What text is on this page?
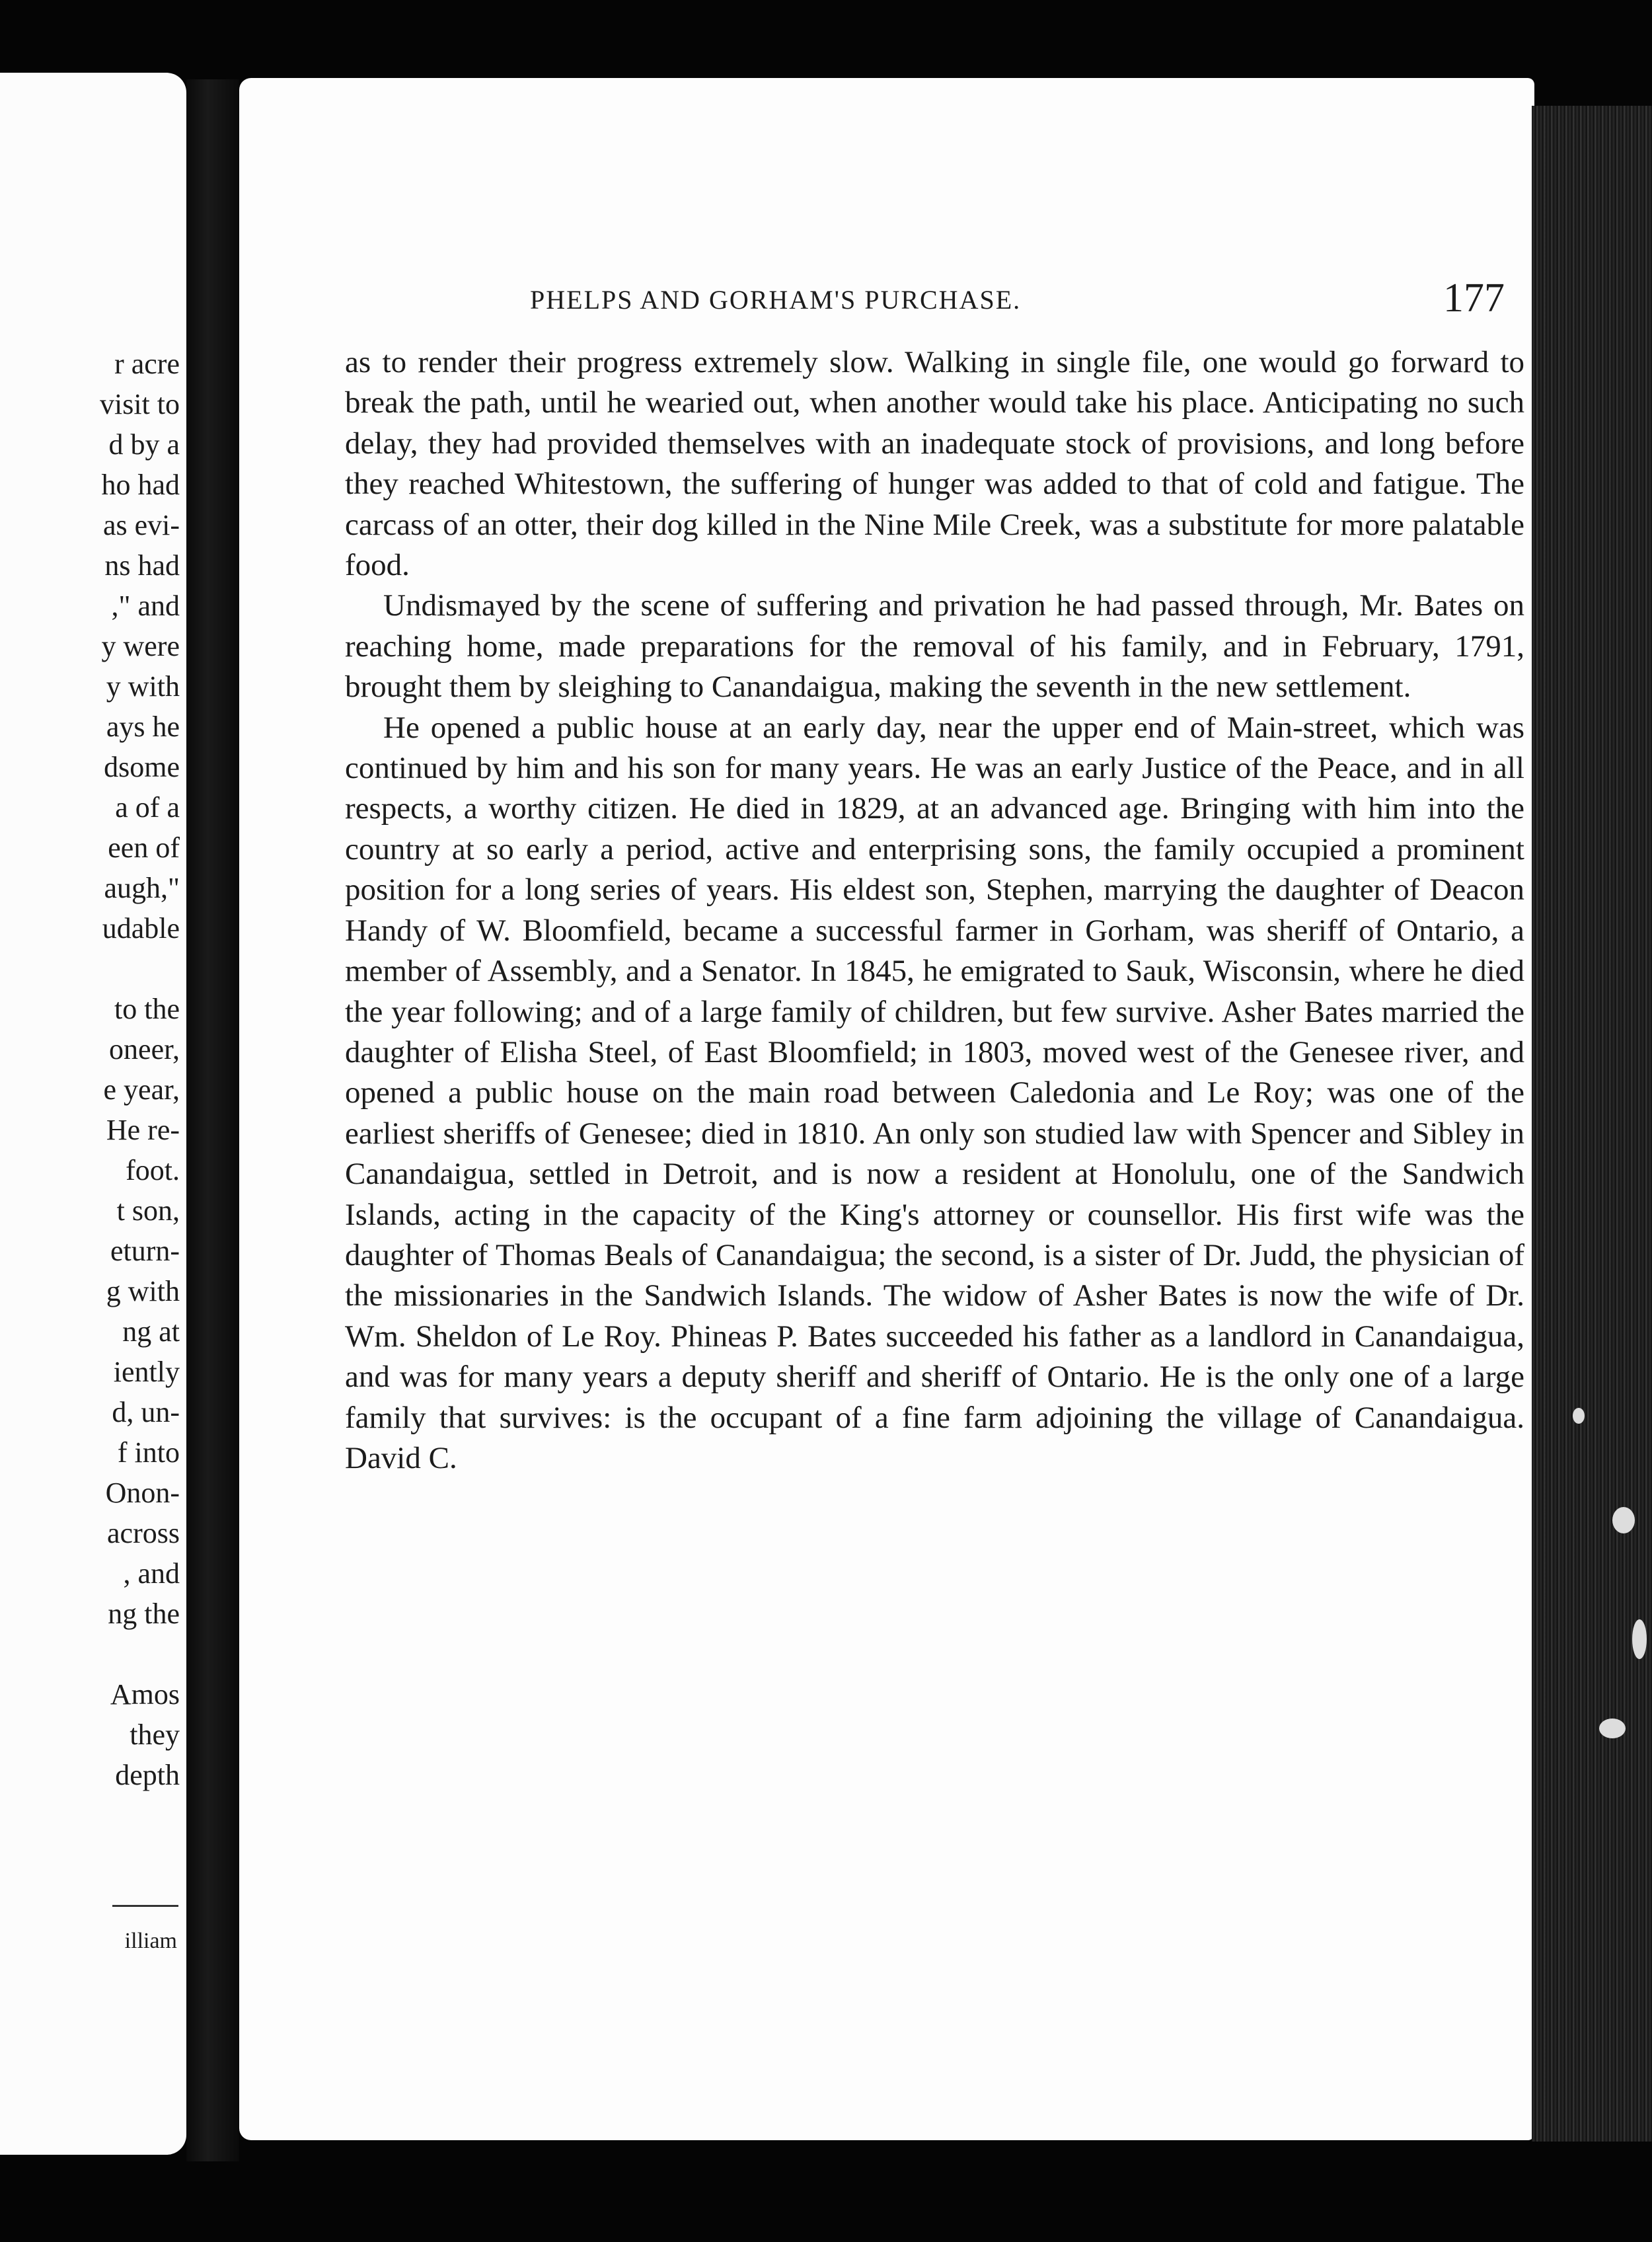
r acre
visit to
d by a
ho had
as evi-
ns had
," and
y were
y with
ays he
dsome
a of a
een of
augh,"
udable
to the
oneer,
e year,
He re-
foot.
t son,
eturn-
g with
ng at
iently
d, un-
f into
Onon-
across
, and
ng the
Amos
they
depth
illiam
PHELPS AND GORHAM'S PURCHASE.	177

as to render their progress extremely slow. Walking in single file, one would go forward to break the path, until he wearied out, when another would take his place. Anticipating no such delay, they had provided themselves with an inadequate stock of provisions, and long before they reached Whitestown, the suffering of hunger was added to that of cold and fatigue. The carcass of an otter, their dog killed in the Nine Mile Creek, was a substitute for more palatable food.

Undismayed by the scene of suffering and privation he had passed through, Mr. Bates on reaching home, made preparations for the removal of his family, and in February, 1791, brought them by sleighing to Canandaigua, making the seventh in the new settlement.

He opened a public house at an early day, near the upper end of Main-street, which was continued by him and his son for many years. He was an early Justice of the Peace, and in all respects, a worthy citizen. He died in 1829, at an advanced age. Bringing with him into the country at so early a period, active and enterprising sons, the family occupied a prominent position for a long series of years. His eldest son, Stephen, marrying the daughter of Deacon Handy of W. Bloomfield, became a successful farmer in Gorham, was sheriff of Ontario, a member of Assembly, and a Senator. In 1845, he emigrated to Sauk, Wisconsin, where he died the year following; and of a large family of children, but few survive. Asher Bates married the daughter of Elisha Steel, of East Bloomfield; in 1803, moved west of the Genesee river, and opened a public house on the main road between Caledonia and Le Roy; was one of the earliest sheriffs of Genesee; died in 1810. An only son studied law with Spencer and Sibley in Canandaigua, settled in Detroit, and is now a resident at Honolulu, one of the Sandwich Islands, acting in the capacity of the King's attorney or counsellor. His first wife was the daughter of Thomas Beals of Canandaigua; the second, is a sister of Dr. Judd, the physician of the missionaries in the Sandwich Islands. The widow of Asher Bates is now the wife of Dr. Wm. Sheldon of Le Roy. Phineas P. Bates succeeded his father as a landlord in Canandaigua, and was for many years a deputy sheriff and sheriff of Ontario. He is the only one of a large family that survives: is the occupant of a fine farm adjoining the village of Canandaigua. David C.
